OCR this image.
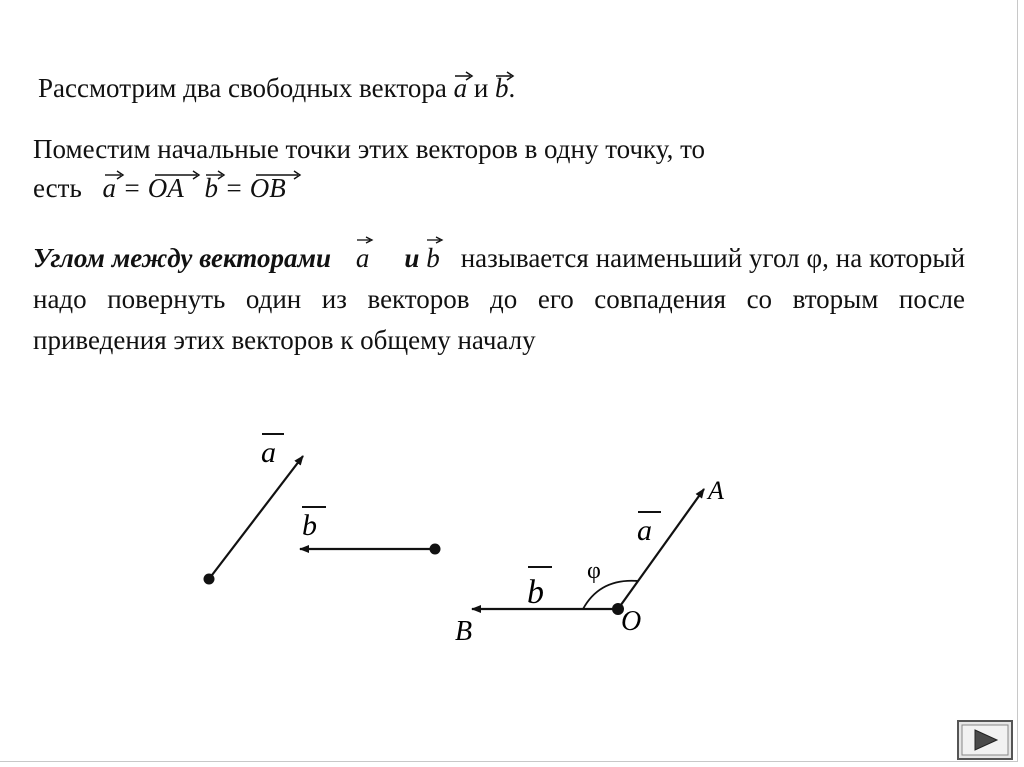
Рассмотрим два свободных вектора a и b.
Поместим начальные точки этих векторов в одну точку, то
есть a = OA b = OB
Углом между векторами a и b называется наименьший угол φ, на который надо повернуть один из векторов до его совпадения со вторым после приведения этих векторов к общему началу
a
b	a
b
φ
A
B	O
